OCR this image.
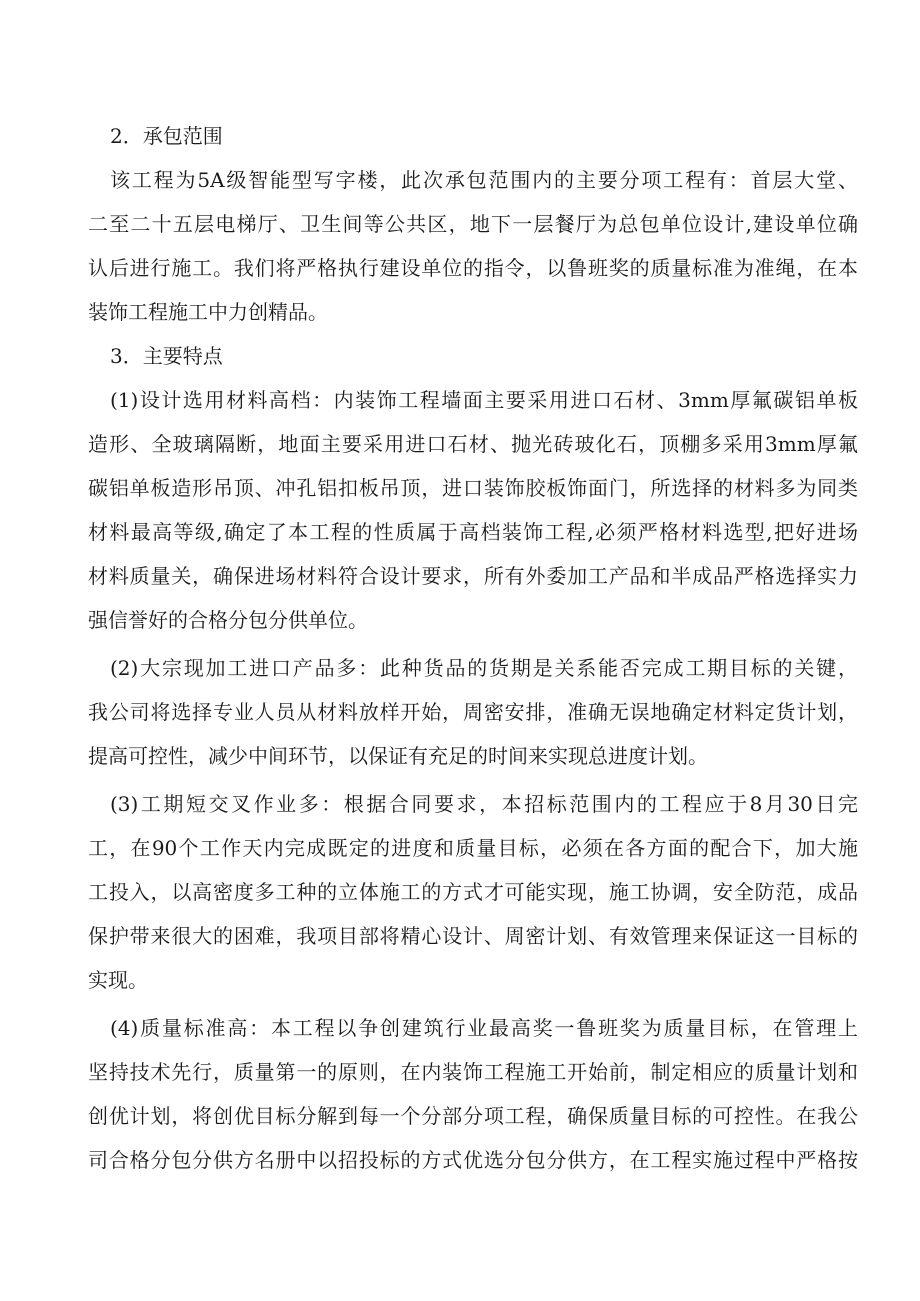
2．承包范围
该工程为5A级智能型写字楼，此次承包范围内的主要分项工程有：首层大堂、
二至二十五层电梯厅、卫生间等公共区，地下一层餐厅为总包单位设计,建设单位确
认后进行施工。我们将严格执行建设单位的指令，以鲁班奖的质量标准为准绳，在本
装饰工程施工中力创精品。
3．主要特点
(1)设计选用材料高档：内装饰工程墙面主要采用进口石材、3mm厚氟碳铝单板
造形、全玻璃隔断，地面主要采用进口石材、抛光砖玻化石，顶棚多采用3mm厚氟
碳铝单板造形吊顶、冲孔铝扣板吊顶，进口装饰胶板饰面门，所选择的材料多为同类
材料最高等级,确定了本工程的性质属于高档装饰工程,必须严格材料选型,把好进场
材料质量关，确保进场材料符合设计要求，所有外委加工产品和半成品严格选择实力
强信誉好的合格分包分供单位。
(2)大宗现加工进口产品多：此种货品的货期是关系能否完成工期目标的关键，
我公司将选择专业人员从材料放样开始，周密安排，准确无误地确定材料定货计划，
提高可控性，减少中间环节，以保证有充足的时间来实现总进度计划。
(3)工期短交叉作业多：根据合同要求，本招标范围内的工程应于8月30日完
工，在90个工作天内完成既定的进度和质量目标，必须在各方面的配合下，加大施
工投入，以高密度多工种的立体施工的方式才可能实现，施工协调，安全防范，成品
保护带来很大的困难，我项目部将精心设计、周密计划、有效管理来保证这一目标的
实现。
(4)质量标准高：本工程以争创建筑行业最高奖一鲁班奖为质量目标，在管理上
坚持技术先行，质量第一的原则，在内装饰工程施工开始前，制定相应的质量计划和
创优计划，将创优目标分解到每一个分部分项工程，确保质量目标的可控性。在我公
司合格分包分供方名册中以招投标的方式优选分包分供方，在工程实施过程中严格按
